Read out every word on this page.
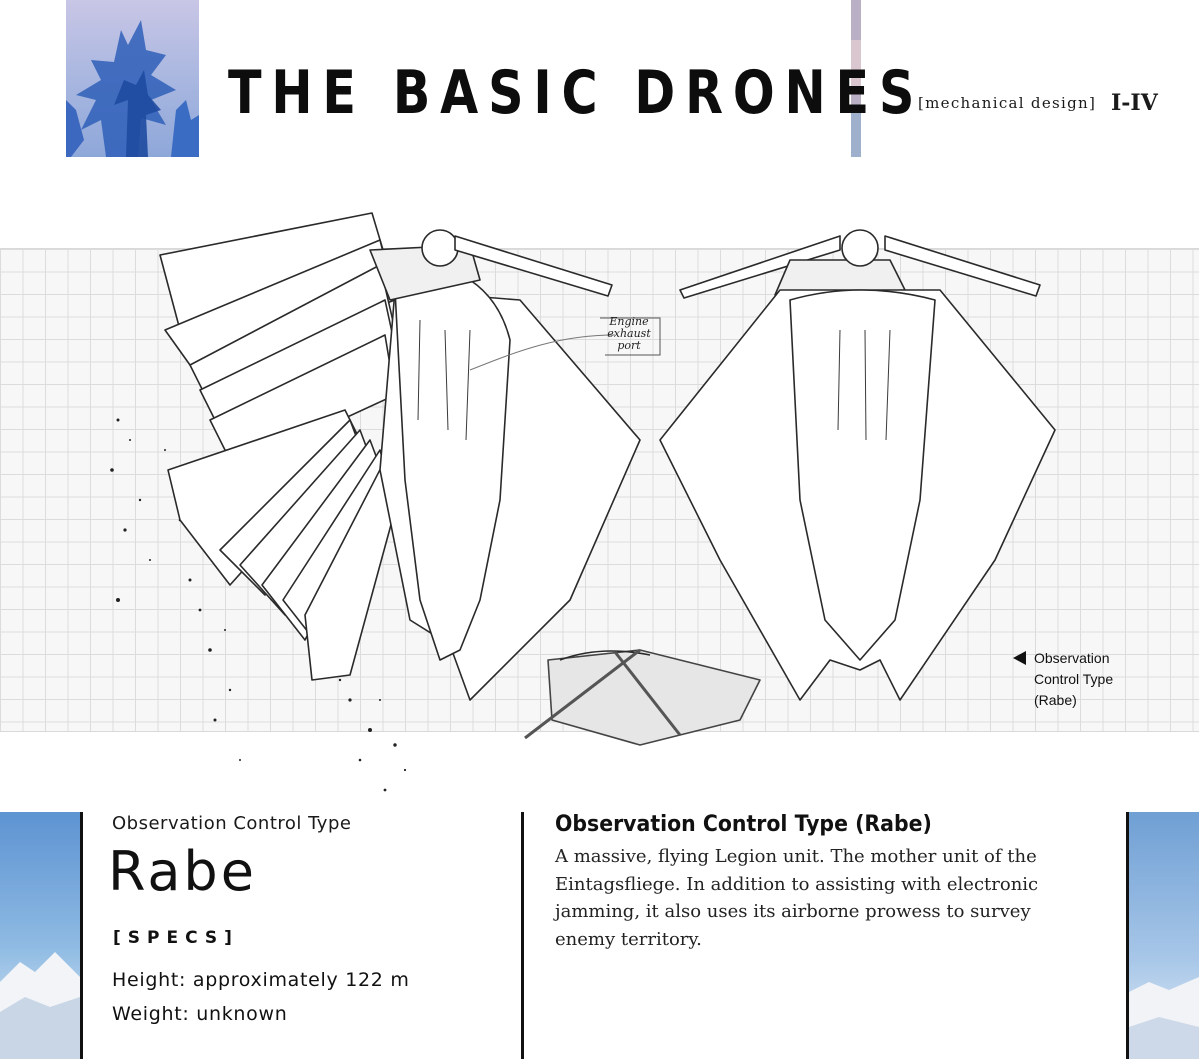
THE BASIC DRONES
[mechanical design] I-IV
Engine
exhaust
port
Observation
Control Type
(Rabe)
Observation Control Type
Rabe
[SPECS]
Height: approximately 122 m
Weight: unknown
Observation Control Type (Rabe)
A massive, flying Legion unit. The mother unit of the
Eintagsfliege. In addition to assisting with electronic
jamming, it also uses its airborne prowess to survey
enemy territory.
